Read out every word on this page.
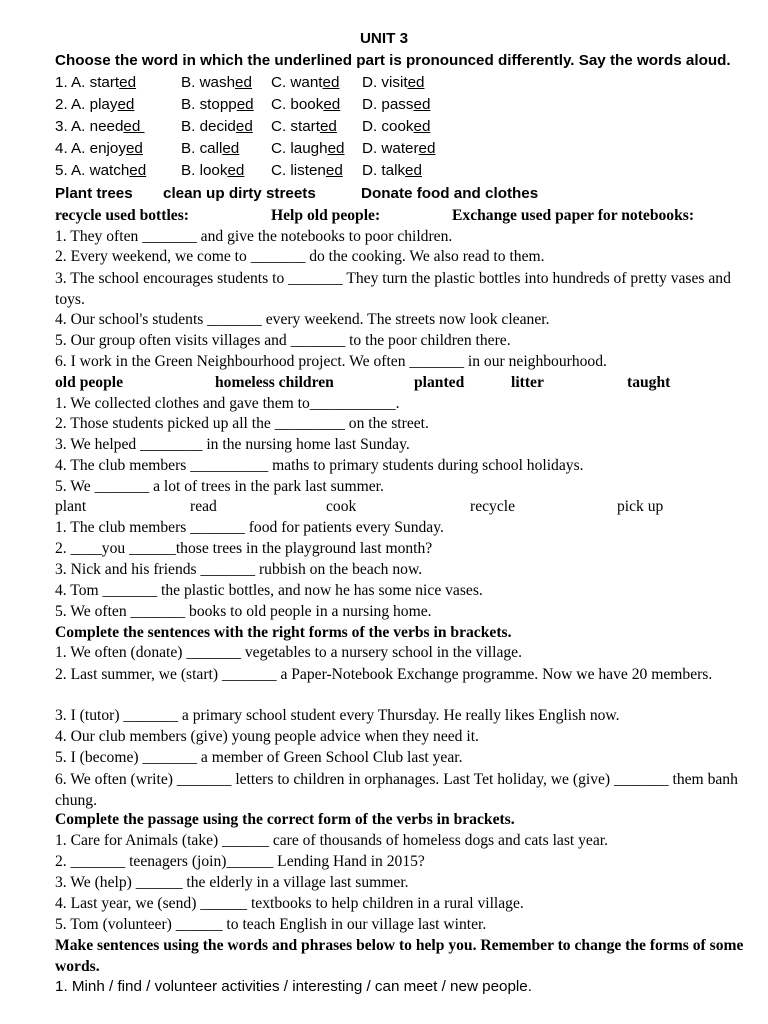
UNIT 3
Choose the word in which the underlined part is pronounced differently. Say the words aloud.
1. A. started	B. washed C. wanted D. visited
2. A. played	B. stopped C. booked D. passed
3. A. needed B. decided C. started D. cooked
4. A. enjoyed	B. called C. laughed D. watered
5. A. watched B. looked C. listened D. talked
Plant trees clean up dirty streets	Donate food and clothes
recycle used bottles:	Help old people:	Exchange used paper for notebooks:
1. They often _______ and give the notebooks to poor children.
2. Every weekend, we come to _______ do the cooking. We also read to them.
3. The school encourages students to _______ They turn the plastic bottles into hundreds of pretty vases and toys.
4. Our school's students _______ every weekend. The streets now look cleaner.
5. Our group often visits villages and _______ to the poor children there.
6. I work in the Green Neighbourhood project. We often _______ in our neighbourhood.
old people	homeless children	planted	litter	taught
1. We collected clothes and gave them to___________.
2. Those students picked up all the _________ on the street.
3. We helped ________ in the nursing home last Sunday.
4. The club members __________ maths to primary students during school holidays.
5. We _______ a lot of trees in the park last summer.
plant	read	cook	recycle	pick up
1. The club members _______ food for patients every Sunday.
2. ____you ______those trees in the playground last month?
3. Nick and his friends _______ rubbish on the beach now.
4. Tom _______ the plastic bottles, and now he has some nice vases.
5. We often _______ books to old people in a nursing home.
Complete the sentences with the right forms of the verbs in brackets.
1. We often (donate) _______ vegetables to a nursery school in the village.
2. Last summer, we (start) _______ a Paper-Notebook Exchange programme. Now we have 20 members.
3. I (tutor) _______ a primary school student every Thursday. He really likes English now.
4. Our club members (give) young people advice when they need it.
5. I (become) _______ a member of Green School Club last year.
6. We often (write) _______ letters to children in orphanages. Last Tet holiday, we (give) _______ them banh chung.
Complete the passage using the correct form of the verbs in brackets.
1. Care for Animals (take) ______ care of thousands of homeless dogs and cats last year.
2. _______ teenagers (join)______ Lending Hand in 2015?
3. We (help) ______ the elderly in a village last summer.
4. Last year, we (send) ______ textbooks to help children in a rural village.
5. Tom (volunteer) ______ to teach English in our village last winter.
Make sentences using the words and phrases below to help you. Remember to change the forms of some words.
1. Minh / find / volunteer activities / interesting / can meet / new people.
